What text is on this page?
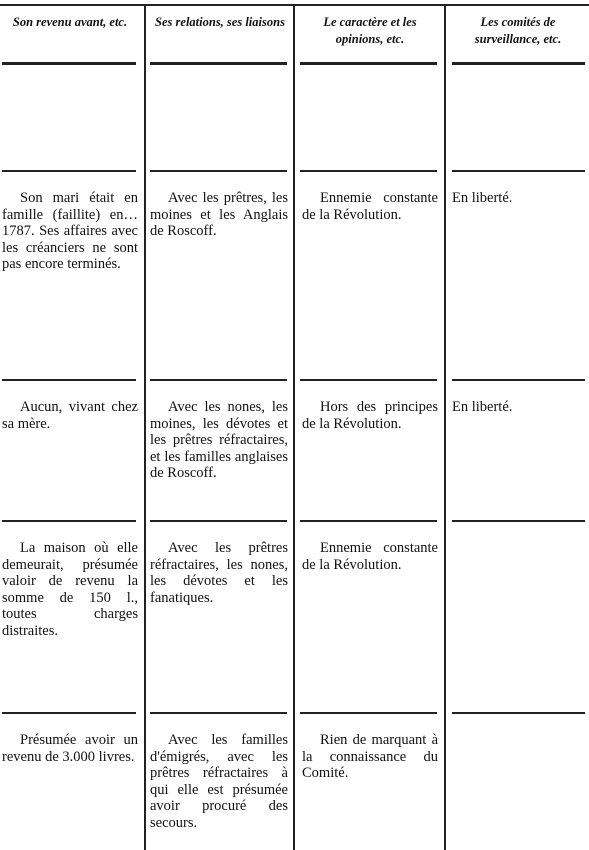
Son revenu avant, etc.	Ses relations, ses liaisons	Le caractère et les opinions, etc.
Les comités de surveillance, etc.
Son mari était en famille (faillite) en… 1787. Ses affaires avec les créanciers ne sont pas encore terminés.
Avec les prêtres, les moines et les Anglais de Roscoff.
Ennemie constante de la Révolution.
En liberté.
Aucun, vivant chez sa mère.
Avec les nones, les moines, les dévotes et les prêtres réfractaires, et les familles anglaises de Roscoff.
Hors des principes de la Révolution.
En liberté.
La maison où elle demeurait, présumée valoir de revenu la somme de 150 l., toutes charges distraites.
Avec les prêtres réfractaires, les nones, les dévotes et les fanatiques.
Ennemie constante de la Révolution.
Présumée avoir un revenu de 3.000 livres.
Avec les familles d'émigrés, avec les prêtres réfractaires à qui elle est présumée avoir procuré des secours.
Rien de marquant à la connaissance du Comité.
